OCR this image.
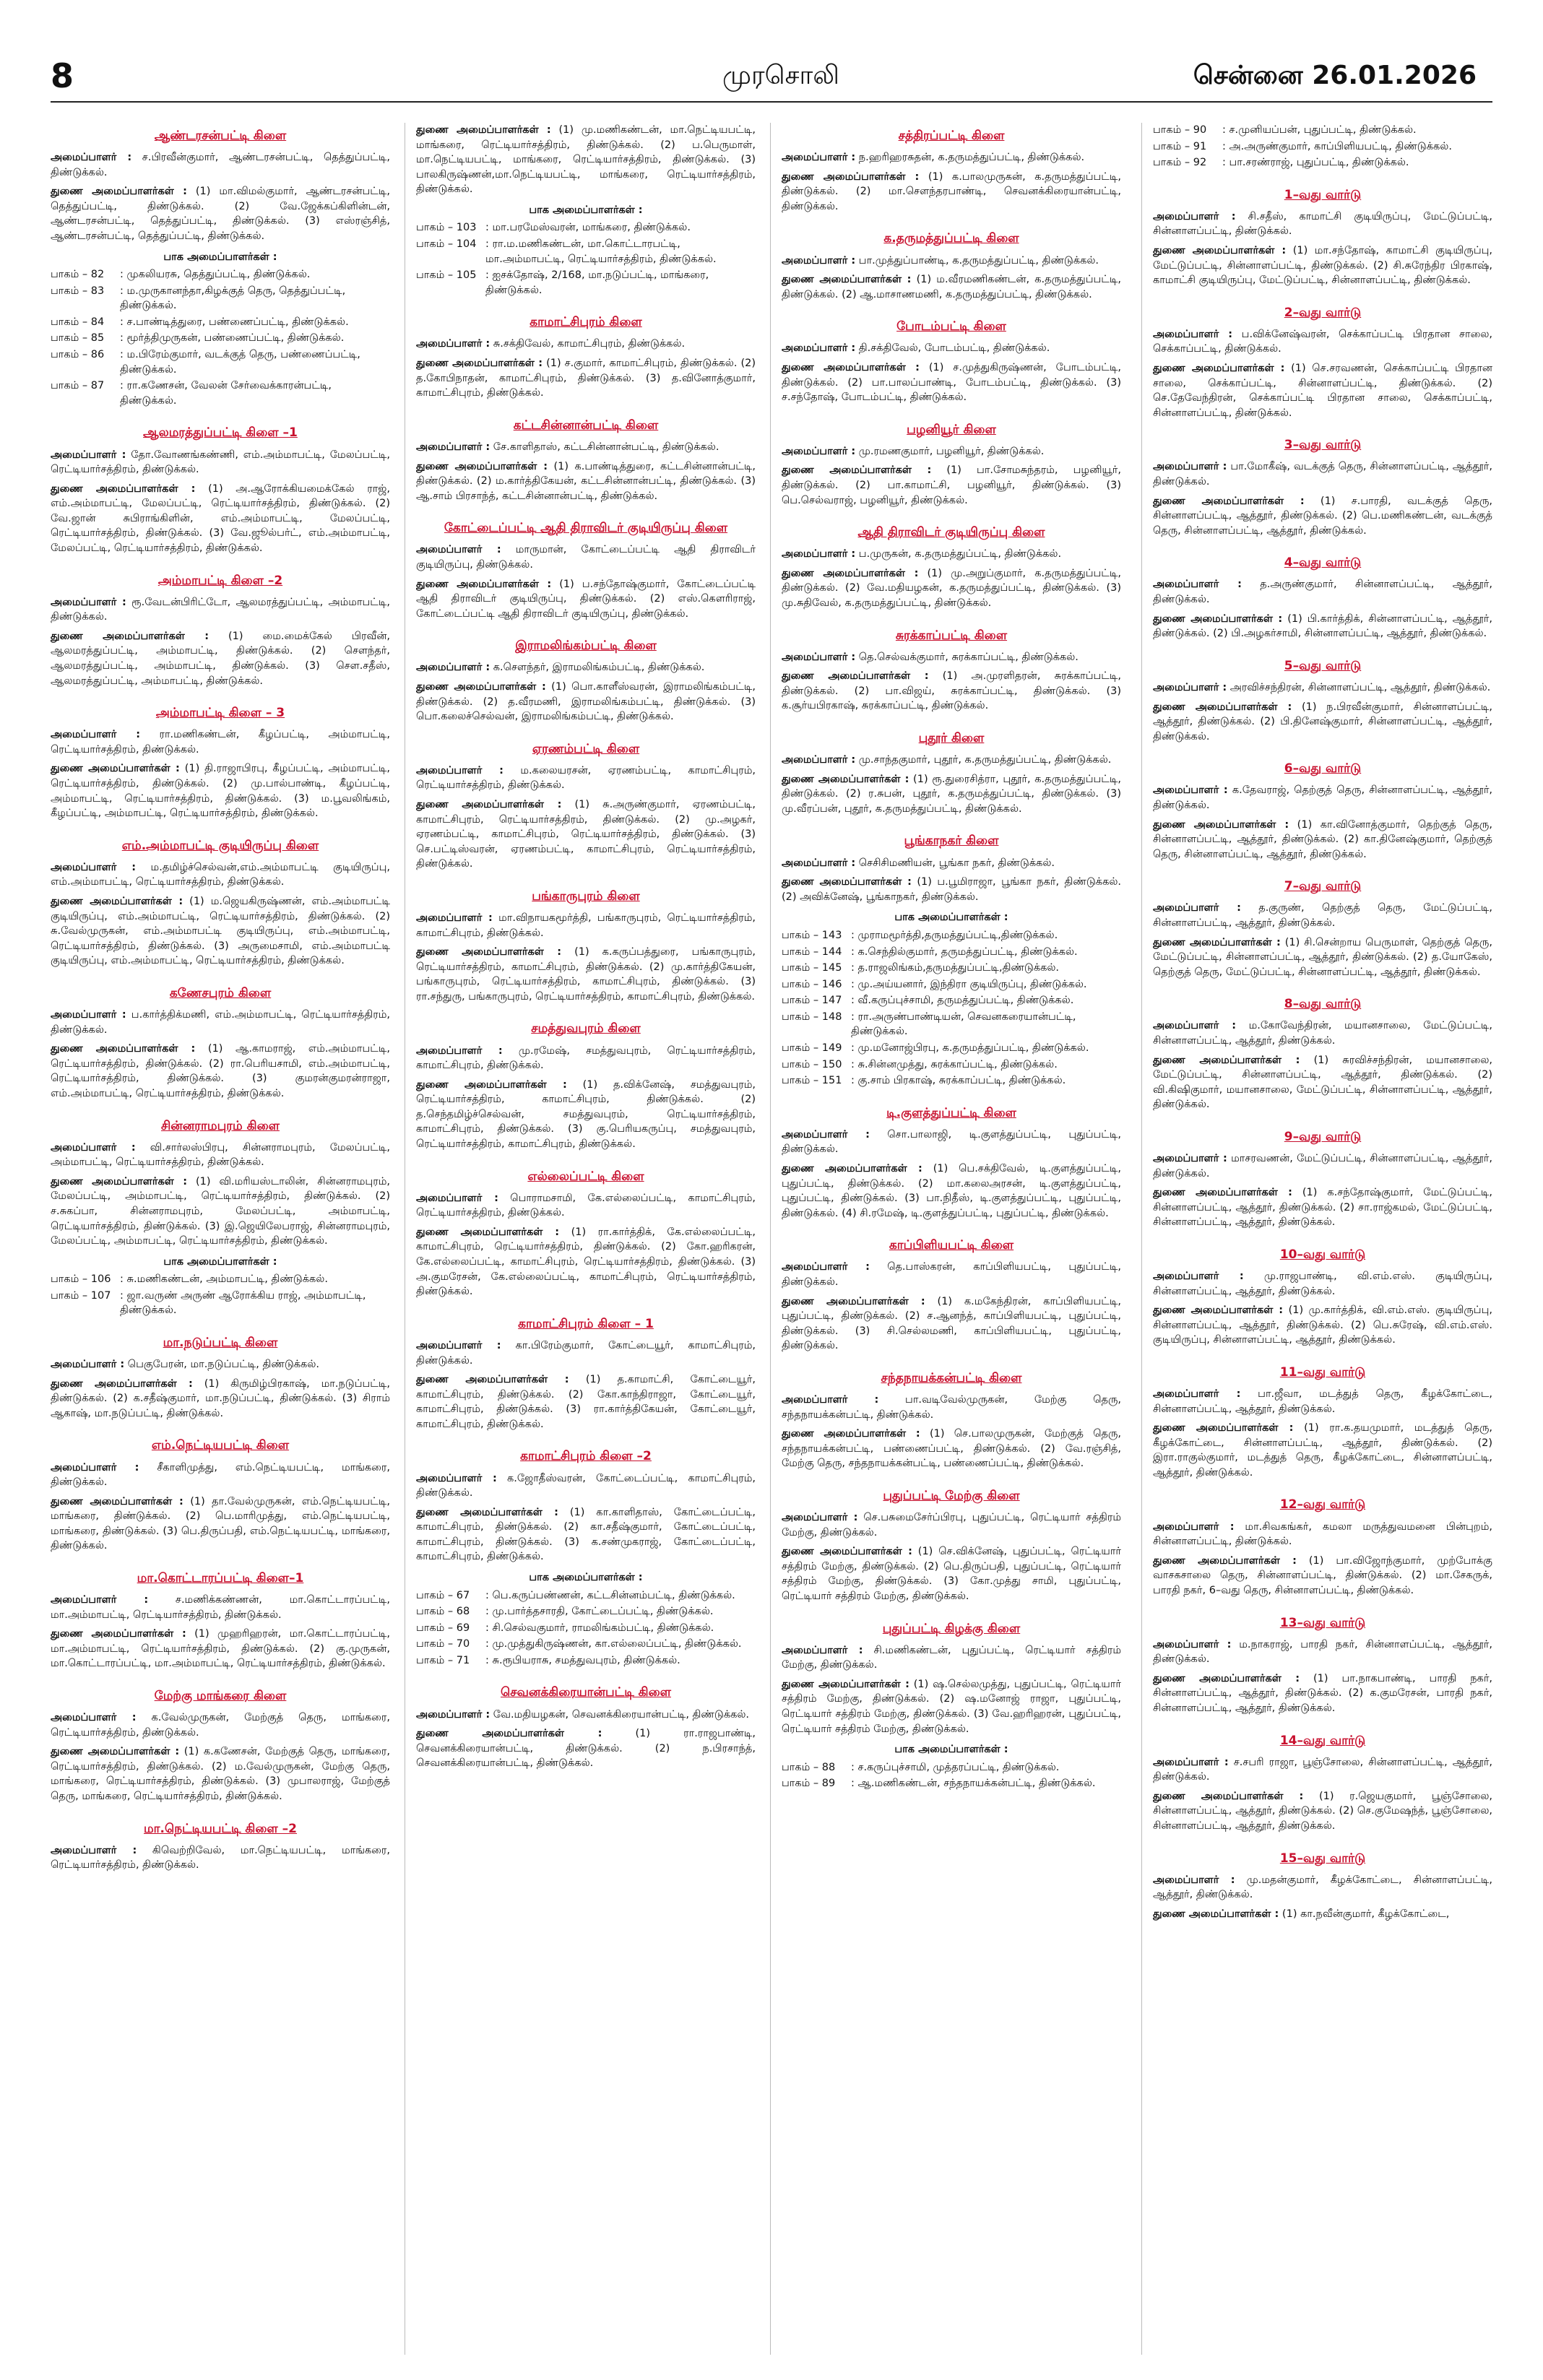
8	முரசொலி	சென்னை 26.01.2026
ஆண்டரசன்பட்டி கிளை

அமைப்பாளர் : ச.பிரவீன்குமார், ஆண்டரசன்பட்டி, தெத்துப்பட்டி, திண்டுக்கல்.

துணை அமைப்பாளர்கள் : (1) மா.விமல்குமார், ஆண்டரசன்பட்டி, தெத்துப்பட்டி, திண்டுக்கல். (2) வே.ஜேக்கப்கிளின்டன், ஆண்டரசன்பட்டி, தெத்துப்பட்டி, திண்டுக்கல். (3) எஸ்ரஞ்சித், ஆண்டரசன்பட்டி, தெத்துப்பட்டி, திண்டுக்கல்.

பாக அமைப்பாளர்கள் :
பாகம் – 82	: முகலியரசு, தெத்துப்பட்டி, திண்டுக்கல்.
பாகம் – 83	: ம.முருகானந்தா,கிழக்குத் தெரு, தெத்துப்பட்டி, திண்டுக்கல்.
பாகம் – 84	: ச.பாண்டித்துரை, பண்ணைப்பட்டி, திண்டுக்கல்.
பாகம் – 85	: மூர்த்திமுருகன், பண்ணைப்பட்டி, திண்டுக்கல்.
பாகம் – 86	: ம.பிரேம்குமார், வடக்குத் தெரு, பண்ணைப்பட்டி, திண்டுக்கல்.
பாகம் – 87	: ரா.கணேசன், வேலன் சேர்வைக்காரன்பட்டி, திண்டுக்கல்.
ஆலமரத்துப்பட்டி கிளை –1

அமைப்பாளர் : தோ.வோணங்கண்ணி, எம்.அம்மாபட்டி, மேலப்பட்டி, ரெட்டியார்சத்திரம், திண்டுக்கல்.

துணை அமைப்பாளர்கள் : (1) அ.ஆரோக்கியமைக்கேல் ராஜ், எம்.அம்மாபட்டி, மேலப்பட்டி, ரெட்டியார்சத்திரம், திண்டுக்கல். (2) வே.ஜான் சுபிராங்கிளின், எம்.அம்மாபட்டி, மேலப்பட்டி, ரெட்டியார்சத்திரம், திண்டுக்கல். (3) வே.ஜூல்பர்ட், எம்.அம்மாபட்டி, மேலப்பட்டி, ரெட்டியார்சத்திரம், திண்டுக்கல்.

அம்மாபட்டி கிளை –2

அமைப்பாளர் : ரூ.வேடன்பிரிட்டோ, ஆலமரத்துப்பட்டி, அம்மாபட்டி, திண்டுக்கல்.

துணை அமைப்பாளர்கள் : (1) மை.மைக்கேல் பிரவீன், ஆலமரத்துப்பட்டி, அம்மாபட்டி, திண்டுக்கல். (2) சௌந்தர், ஆலமரத்துப்பட்டி, அம்மாபட்டி, திண்டுக்கல். (3) சௌ.சதீஸ், ஆலமரத்துப்பட்டி, அம்மாபட்டி, திண்டுக்கல்.

அம்மாபட்டி கிளை – 3

அமைப்பாளர் : ரா.மணிகண்டன், கீழப்பட்டி, அம்மாபட்டி, ரெட்டியார்சத்திரம், திண்டுக்கல்.

துணை அமைப்பாளர்கள் : (1) தி.ராஜாபிரபு, கீழப்பட்டி, அம்மாபட்டி, ரெட்டியார்சத்திரம், திண்டுக்கல். (2) மு.பால்பாண்டி, கீழப்பட்டி, அம்மாபட்டி, ரெட்டியார்சத்திரம், திண்டுக்கல். (3) ம.பூவலிங்கம், கீழப்பட்டி, அம்மாபட்டி, ரெட்டியார்சத்திரம், திண்டுக்கல்.

எம்.அம்மாபட்டி குடியிருப்பு கிளை

அமைப்பாளர் : ம.தமிழ்ச்செல்வன்,எம்.அம்மாபட்டி குடியிருப்பு, எம்.அம்மாபட்டி, ரெட்டியார்சத்திரம், திண்டுக்கல்.

துணை அமைப்பாளர்கள் : (1) ம.ஜெயகிருஷ்ணன், எம்.அம்மாபட்டி குடியிருப்பு, எம்.அம்மாபட்டி, ரெட்டியார்சத்திரம், திண்டுக்கல். (2) சு.வேல்முருகன், எம்.அம்மாபட்டி குடியிருப்பு, எம்.அம்மாபட்டி, ரெட்டியார்சத்திரம், திண்டுக்கல். (3) அருமைசாமி, எம்.அம்மாபட்டி குடியிருப்பு, எம்.அம்மாபட்டி, ரெட்டியார்சத்திரம், திண்டுக்கல்.

கணேசபுரம் கிளை

அமைப்பாளர் : ப.கார்த்திக்மணி, எம்.அம்மாபட்டி, ரெட்டியார்சத்திரம், திண்டுக்கல்.

துணை அமைப்பாளர்கள் : (1) ஆ.காமராஜ், எம்.அம்மாபட்டி, ரெட்டியார்சத்திரம், திண்டுக்கல். (2) ரா.பெரியசாமி, எம்.அம்மாபட்டி, ரெட்டியார்சத்திரம், திண்டுக்கல். (3) குமரன்குமரன்ராஜா, எம்.அம்மாபட்டி, ரெட்டியார்சத்திரம், திண்டுக்கல்.

சின்னராமபுரம் கிளை

அமைப்பாளர் : வி.சார்லஸ்பிரபு, சின்னராமபுரம், மேலப்பட்டி, அம்மாபட்டி, ரெட்டியார்சத்திரம், திண்டுக்கல்.

துணை அமைப்பாளர்கள் : (1) வி.மரியஸ்டாலின், சின்னராமபுரம், மேலப்பட்டி, அம்மாபட்டி, ரெட்டியார்சத்திரம், திண்டுக்கல். (2) ச.சுகப்பா, சின்னராமபுரம், மேலப்பட்டி, அம்மாபட்டி, ரெட்டியார்சத்திரம், திண்டுக்கல். (3) இ.ஜெயிலேபராஜ், சின்னராமபுரம், மேலப்பட்டி, அம்மாபட்டி, ரெட்டியார்சத்திரம், திண்டுக்கல்.

பாக அமைப்பாளர்கள் :
பாகம் – 106 : சு.மணிகண்டன், அம்மாபட்டி, திண்டுக்கல்.
பாகம் – 107 : ஜா.வருண் அருண் ஆரோக்கிய ராஜ், அம்மாபட்டி, திண்டுக்கல்.
மா.நடுப்பட்டி கிளை

அமைப்பாளர் : பெகுபேரன், மா.நடுப்பட்டி, திண்டுக்கல்.

துணை அமைப்பாளர்கள் : (1) கிருமிழ்பிரகாஷ், மா.நடுப்பட்டி, திண்டுக்கல். (2) க.சதீஷ்குமார், மா.நடுப்பட்டி, திண்டுக்கல். (3) சிராம் ஆகாஷ், மா.நடுப்பட்டி, திண்டுக்கல்.

எம்.நெட்டியபட்டி கிளை

அமைப்பாளர் : சீகாளிமுத்து, எம்.நெட்டியபட்டி, மாங்கரை, திண்டுக்கல்.

துணை அமைப்பாளர்கள் : (1) தா.வேல்முருகன், எம்.நெட்டியபட்டி, மாங்கரை, திண்டுக்கல். (2) பெ.மாரிமுத்து, எம்.நெட்டியபட்டி, மாங்கரை, திண்டுக்கல். (3) பெ.திருப்பதி, எம்.நெட்டியபட்டி, மாங்கரை, திண்டுக்கல்.

மா.கொட்டாரப்பட்டி கிளை–1

அமைப்பாளர் : ச.மணிக்கண்ணன், மா.கொட்டாரப்பட்டி, மா.அம்மாபட்டி, ரெட்டியார்சத்திரம், திண்டுக்கல்.

துணை அமைப்பாளர்கள் : (1) முஹரிஹரன், மா.கொட்டாரப்பட்டி, மா.அம்மாபட்டி, ரெட்டியார்சத்திரம், திண்டுக்கல். (2) கு.முருகன், மா.கொட்டாரப்பட்டி, மா.அம்மாபட்டி, ரெட்டியார்சத்திரம், திண்டுக்கல்.

மேற்கு மாங்கரை கிளை

அமைப்பாளர் : க.வேல்முருகன், மேற்குத் தெரு, மாங்கரை, ரெட்டியார்சத்திரம், திண்டுக்கல்.

துணை அமைப்பாளர்கள் : (1) க.கணேசன், மேற்குத் தெரு, மாங்கரை, ரெட்டியார்சத்திரம், திண்டுக்கல். (2) ம.வேல்முருகன், மேற்கு தெரு, மாங்கரை, ரெட்டியார்சத்திரம், திண்டுக்கல். (3) முபாலராஜ், மேற்குத் தெரு, மாங்கரை, ரெட்டியார்சத்திரம், திண்டுக்கல்.

மா.நெட்டியபட்டி கிளை –2

அமைப்பாளர் : கிவெற்றிவேல், மா.நெட்டியபட்டி, மாங்கரை, ரெட்டியார்சத்திரம், திண்டுக்கல்.

துணை அமைப்பாளர்கள் : (1) மு.மணிகண்டன், மா.நெட்டியபட்டி, மாங்கரை, ரெட்டியார்சத்திரம், திண்டுக்கல். (2) ப.பெருமாள், மா.நெட்டியபட்டி, மாங்கரை, ரெட்டியார்சத்திரம், திண்டுக்கல். (3) பாலகிருஷ்ணன்,மா.நெட்டியபட்டி, மாங்கரை, ரெட்டியார்சத்திரம், திண்டுக்கல்.

பாக அமைப்பாளர்கள் :
பாகம் – 103 : மா.பரமேஸ்வரன், மாங்கரை, திண்டுக்கல்.
பாகம் – 104 : ரா.ம.மணிகண்டன், மா.கொட்டாரபட்டி, மா.அம்மாபட்டி, ரெட்டியார்சத்திரம், திண்டுக்கல்.
பாகம் – 105 : ஐசக்தோஷ், 2/168, மா.நடுப்பட்டி, மாங்கரை, திண்டுக்கல்.
காமாட்சிபுரம் கிளை

அமைப்பாளர் : சு.சக்திவேல், காமாட்சிபுரம், திண்டுக்கல்.

துணை அமைப்பாளர்கள் : (1) ச.குமார், காமாட்சிபுரம், திண்டுக்கல். (2) த.கோபிநாதன், காமாட்சிபுரம், திண்டுக்கல். (3) த.வினோத்குமார், காமாட்சிபுரம், திண்டுக்கல்.

கட்டசின்னான்பட்டி கிளை

அமைப்பாளர் : சே.காளிதாஸ், கட்டசின்னான்பட்டி, திண்டுக்கல்.

துணை அமைப்பாளர்கள் : (1) க.பாண்டித்துரை, கட்டசின்னான்பட்டி, திண்டுக்கல். (2) ம.கார்த்திகேயன், கட்டசின்னான்பட்டி, திண்டுக்கல். (3) ஆ.சாம் பிரசாந்த், கட்டசின்னான்பட்டி, திண்டுக்கல்.

கோட்டைப்பட்டி ஆதி திராவிடர் குடியிருப்பு கிளை

அமைப்பாளர் : மாருமான், கோட்டைப்பட்டி ஆதி திராவிடர் குடியிருப்பு, திண்டுக்கல்.

துணை அமைப்பாளர்கள் : (1) ப.சந்தோஷ்குமார், கோட்டைப்பட்டி ஆதி திராவிடர் குடியிருப்பு, திண்டுக்கல். (2) எஸ்.கௌரிராஜ், கோட்டைப்பட்டி ஆதி திராவிடர் குடியிருப்பு, திண்டுக்கல்.

இராமலிங்கம்பட்டி கிளை

அமைப்பாளர் : க.செளந்தர், இராமலிங்கம்பட்டி, திண்டுக்கல்.

துணை அமைப்பாளர்கள் : (1) பொ.காளீஸ்வரன், இராமலிங்கம்பட்டி, திண்டுக்கல். (2) த.வீரமணி, இராமலிங்கம்பட்டி, திண்டுக்கல். (3) பொ.கலைச்செல்வன், இராமலிங்கம்பட்டி, திண்டுக்கல்.

ஏரணம்பட்டி கிளை

அமைப்பாளர் : ம.கலையரசன், ஏரணம்பட்டி, காமாட்சிபுரம், ரெட்டியார்சத்திரம், திண்டுக்கல்.

துணை அமைப்பாளர்கள் : (1) சு.அருண்குமார், ஏரணம்பட்டி, காமாட்சிபுரம், ரெட்டியார்சத்திரம், திண்டுக்கல். (2) மு.அழகர், ஏரணம்பட்டி, காமாட்சிபுரம், ரெட்டியார்சத்திரம், திண்டுக்கல். (3) செ.பட்டிஸ்வரன், ஏரணம்பட்டி, காமாட்சிபுரம், ரெட்டியார்சத்திரம், திண்டுக்கல்.

பங்காருபுரம் கிளை

அமைப்பாளர் : மா.விநாயகமூர்த்தி, பங்காருபுரம், ரெட்டியார்சத்திரம், காமாட்சிபுரம், திண்டுக்கல்.

துணை அமைப்பாளர்கள் : (1) க.கருப்பத்துரை, பங்காருபுரம், ரெட்டியார்சத்திரம், காமாட்சிபுரம், திண்டுக்கல். (2) மு.கார்த்திகேயன், பங்காருபுரம், ரெட்டியார்சத்திரம், காமாட்சிபுரம், திண்டுக்கல். (3) ரா.சந்துரு, பங்காருபுரம், ரெட்டியார்சத்திரம், காமாட்சிபுரம், திண்டுக்கல்.

சமத்துவபுரம் கிளை

அமைப்பாளர் : மு.ரமேஷ், சமத்துவபுரம், ரெட்டியார்சத்திரம், காமாட்சிபுரம், திண்டுக்கல்.

துணை அமைப்பாளர்கள் : (1) த.விக்னேஷ், சமத்துவபுரம், ரெட்டியார்சத்திரம், காமாட்சிபுரம், திண்டுக்கல். (2) த.செந்தமிழ்ச்செல்வன், சமத்துவபுரம், ரெட்டியார்சத்திரம், காமாட்சிபுரம், திண்டுக்கல். (3) கு.பெரியகருப்பு, சமத்துவபுரம், ரெட்டியார்சத்திரம், காமாட்சிபுரம், திண்டுக்கல்.

எல்லைப்பட்டி கிளை

அமைப்பாளர் : பொராமசாமி, கே.எல்லைப்பட்டி, காமாட்சிபுரம், ரெட்டியார்சத்திரம், திண்டுக்கல்.

துணை அமைப்பாளர்கள் : (1) ரா.கார்த்திக், கே.எல்லைப்பட்டி, காமாட்சிபுரம், ரெட்டியார்சத்திரம், திண்டுக்கல். (2) கோ.ஹரிகரன், கே.எல்லைப்பட்டி, காமாட்சிபுரம், ரெட்டியார்சத்திரம், திண்டுக்கல். (3) அ.குமரேசன், கே.எல்லைப்பட்டி, காமாட்சிபுரம், ரெட்டியார்சத்திரம், திண்டுக்கல்.

காமாட்சிபுரம் கிளை – 1

அமைப்பாளர் : கா.பிரேம்குமார், கோட்டையூர், காமாட்சிபுரம், திண்டுக்கல்.

துணை அமைப்பாளர்கள் : (1) த.காமாட்சி, கோட்டையூர், காமாட்சிபுரம், திண்டுக்கல். (2) கோ.காந்திராஜா, கோட்டையூர், காமாட்சிபுரம், திண்டுக்கல். (3) ரா.கார்த்திகேயன், கோட்டையூர், காமாட்சிபுரம், திண்டுக்கல்.

காமாட்சிபுரம் கிளை –2

அமைப்பாளர் : க.ஜோதீஸ்வரன், கோட்டைப்பட்டி, காமாட்சிபுரம், திண்டுக்கல்.

துணை அமைப்பாளர்கள் : (1) கா.காளிதாஸ், கோட்டைப்பட்டி, காமாட்சிபுரம், திண்டுக்கல். (2) கா.சதீஷ்குமார், கோட்டைப்பட்டி, காமாட்சிபுரம், திண்டுக்கல். (3) க.சண்முகராஜ், கோட்டைப்பட்டி, காமாட்சிபுரம், திண்டுக்கல்.

பாக அமைப்பாளர்கள் :
பாகம் – 67	: பெ.கருப்பண்ணன், கட்டசின்னம்பட்டி, திண்டுக்கல்.
பாகம் – 68	: மு.பார்த்தசாரதி, கோட்டைப்பட்டி, திண்டுக்கல்.
பாகம் – 69	: சி.செல்வகுமார், ராமலிங்கம்பட்டி, திண்டுக்கல்.
பாகம் – 70	: மு.முத்துகிருஷ்ணன், கா.எல்லைப்பட்டி, திண்டுக்கல்.
பாகம் – 71	: சு.ரூபியராசு, சமத்துவபுரம், திண்டுக்கல்.
செவனக்கிரையான்பட்டி கிளை

அமைப்பாளர் : வே.மதியழகன், செவனக்கிரையான்பட்டி, திண்டுக்கல்.

துணை அமைப்பாளர்கள் : (1) ரா.ராஜபாண்டி, செவனக்கிரையான்பட்டி, திண்டுக்கல். (2) ந.பிரசாந்த், செவனக்கிரையான்பட்டி, திண்டுக்கல்.

சத்திரப்பட்டி கிளை

அமைப்பாளர் : ந.ஹரிஹரசுதன், க.தருமத்துப்பட்டி, திண்டுக்கல்.

துணை அமைப்பாளர்கள் : (1) க.பாலமுருகன், க.தருமத்துப்பட்டி, திண்டுக்கல். (2) மா.சௌந்தரபாண்டி, செவனக்கிரையான்பட்டி, திண்டுக்கல்.

க.தருமத்துப்பட்டி கிளை

அமைப்பாளர் : பா.முத்துப்பாண்டி, க.தருமத்துப்பட்டி, திண்டுக்கல்.

துணை அமைப்பாளர்கள் : (1) ம.வீரமணிகண்டன், க.தருமத்துப்பட்டி, திண்டுக்கல். (2) ஆ.மாசாணமணி, க.தருமத்துப்பட்டி, திண்டுக்கல்.

போடம்பட்டி கிளை

அமைப்பாளர் : தி.சக்திவேல், போடம்பட்டி, திண்டுக்கல்.

துணை அமைப்பாளர்கள் : (1) ச.முத்துகிருஷ்ணன், போடம்பட்டி, திண்டுக்கல். (2) பா.பாலப்பாண்டி, போடம்பட்டி, திண்டுக்கல். (3) ச.சந்தோஷ், போடம்பட்டி, திண்டுக்கல்.

பழனியூர் கிளை

அமைப்பாளர் : மு.ரமணகுமார், பழனியூர், திண்டுக்கல்.

துணை அமைப்பாளர்கள் : (1) பா.சோமசுந்தரம், பழனியூர், திண்டுக்கல். (2) பா.காமாட்சி, பழனியூர், திண்டுக்கல். (3) பெ.செல்வராஜ், பழனியூர், திண்டுக்கல்.

ஆதி திராவிடர் குடியிருப்பு கிளை

அமைப்பாளர் : ப.முருகன், க.தருமத்துப்பட்டி, திண்டுக்கல்.

துணை அமைப்பாளர்கள் : (1) மு.அறுப்குமார், க.தருமத்துப்பட்டி, திண்டுக்கல். (2) வே.மதியழகன், க.தருமத்துப்பட்டி, திண்டுக்கல். (3) மு.சுதிவேல், க.தருமத்துப்பட்டி, திண்டுக்கல்.

சுரக்காப்பட்டி கிளை

அமைப்பாளர் : தெ.செல்வக்குமார், சுரக்காப்பட்டி, திண்டுக்கல்.

துணை அமைப்பாளர்கள் : (1) அ.முரளிதரன், சுரக்காப்பட்டி, திண்டுக்கல். (2) பா.விஜய், சுரக்காப்பட்டி, திண்டுக்கல். (3) க.சூர்யபிரகாஷ், சுரக்காப்பட்டி, திண்டுக்கல்.

புதூர் கிளை

அமைப்பாளர் : மு.சாந்தகுமார், புதூர், க.தருமத்துப்பட்டி, திண்டுக்கல்.

துணை அமைப்பாளர்கள் : (1) ரூ.துரைசித்ரா, புதூர், க.தருமத்துப்பட்டி, திண்டுக்கல். (2) ர.சுபன், புதூர், க.தருமத்துப்பட்டி, திண்டுக்கல். (3) மு.வீரப்பன், புதூர், க.தருமத்துப்பட்டி, திண்டுக்கல்.

பூங்காநகர் கிளை

அமைப்பாளர் : செசிசிமணியன், பூங்கா நகர், திண்டுக்கல்.

துணை அமைப்பாளர்கள் : (1) ப.பூமிராஜா, பூங்கா நகர், திண்டுக்கல். (2) அவிக்னேஷ், பூங்காநகர், திண்டுக்கல்.

பாக அமைப்பாளர்கள் :
பாகம் – 143 : முராமமூர்த்தி,தருமத்துப்பட்டி,திண்டுக்கல்.
பாகம் – 144 : க.செந்தில்குமார், தருமத்துப்பட்டி, திண்டுக்கல்.
பாகம் – 145 : த.ராஜலிங்கம்,தருமத்துப்பட்டி,திண்டுக்கல்.
பாகம் – 146 : மு.அய்யனார், இந்திரா குடியிருப்பு, திண்டுக்கல்.
பாகம் – 147 : வீ.கருப்புச்சாமி, தருமத்துப்பட்டி, திண்டுக்கல்.
பாகம் – 148 : ரா.அருண்பாண்டியன், செவனகரையான்பட்டி, திண்டுக்கல்.
பாகம் – 149 : மு.மனோஜ்பிரபு, க.தருமத்துப்பட்டி, திண்டுக்கல்.
பாகம் – 150 : சு.சின்னமுத்து, சுரக்காப்பட்டி, திண்டுக்கல்.
பாகம் – 151 : கு.சாம் பிரகாஷ், சுரக்காப்பட்டி, திண்டுக்கல்.
டி.குளத்துப்பட்டி கிளை

அமைப்பாளர் : சொ.பாலாஜி, டி.குளத்துப்பட்டி, புதுப்பட்டி, திண்டுக்கல்.

துணை அமைப்பாளர்கள் : (1) பெ.சக்திவேல், டி.குளத்துப்பட்டி, புதுப்பட்டி, திண்டுக்கல். (2) மா.கலைஅரசன், டி.குளத்துப்பட்டி, புதுப்பட்டி, திண்டுக்கல். (3) பா.நிதீஸ், டி.குளத்துப்பட்டி, புதுப்பட்டி, திண்டுக்கல். (4) சி.ரமேஷ், டி.குளத்துப்பட்டி, புதுப்பட்டி, திண்டுக்கல்.

காப்பிளியபட்டி கிளை

அமைப்பாளர் : தெ.பாஸ்கரன், காப்பிளியபட்டி, புதுப்பட்டி, திண்டுக்கல்.

துணை அமைப்பாளர்கள் : (1) க.மகேந்திரன், காப்பிளியபட்டி, புதுப்பட்டி, திண்டுக்கல். (2) ச.ஆனந்த், காப்பிளியபட்டி, புதுப்பட்டி, திண்டுக்கல். (3) சி.செல்லமணி, காப்பிளியபட்டி, புதுப்பட்டி, திண்டுக்கல்.

சந்தநாயக்கன்பட்டி கிளை

அமைப்பாளர் : பா.வடிவேல்முருகன், மேற்கு தெரு, சந்தநாயக்கன்பட்டி, திண்டுக்கல்.

துணை அமைப்பாளர்கள் : (1) செ.பாலமுருகன், மேற்குத் தெரு, சந்தநாயக்கன்பட்டி, பண்ணைப்பட்டி, திண்டுக்கல். (2) வே.ரஞ்சித், மேற்கு தெரு, சந்தநாயக்கன்பட்டி, பண்ணைப்பட்டி, திண்டுக்கல்.

புதுப்பட்டி மேற்கு கிளை

அமைப்பாளர் : செ.பசுமைசேர்ப்பிரபு, புதுப்பட்டி, ரெட்டியார் சத்திரம் மேற்கு, திண்டுக்கல்.

துணை அமைப்பாளர்கள் : (1) செ.விக்னேஷ், புதுப்பட்டி, ரெட்டியார் சத்திரம் மேற்கு, திண்டுக்கல். (2) பெ.திருப்பதி, புதுப்பட்டி, ரெட்டியார் சத்திரம் மேற்கு, திண்டுக்கல். (3) கோ.முத்து சாமி, புதுப்பட்டி, ரெட்டியார் சத்திரம் மேற்கு, திண்டுக்கல்.

புதுப்பட்டி கிழக்கு கிளை

அமைப்பாளர் : சி.மணிகண்டன், புதுப்பட்டி, ரெட்டியார் சத்திரம் மேற்கு, திண்டுக்கல்.

துணை அமைப்பாளர்கள் : (1) ஷ.செல்லமுத்து, புதுப்பட்டி, ரெட்டியார் சத்திரம் மேற்கு, திண்டுக்கல். (2) ஷ.மனோஜ் ராஜா, புதுப்பட்டி, ரெட்டியார் சத்திரம் மேற்கு, திண்டுக்கல். (3) வே.ஹரிஹரன், புதுப்பட்டி, ரெட்டியார் சத்திரம் மேற்கு, திண்டுக்கல்.

பாக அமைப்பாளர்கள் :
பாகம் – 88	: ச.கருப்புச்சாமி, முத்தரப்பட்டி, திண்டுக்கல்.
பாகம் – 89	: ஆ.மணிகண்டன், சந்தநாயக்கன்பட்டி, திண்டுக்கல்.
பாகம் – 90	: ச.முனியப்பன், புதுப்பட்டி, திண்டுக்கல்.
பாகம் – 91	: அ.அருண்குமார், காப்பிளியபட்டி, திண்டுக்கல்.
பாகம் – 92	: பா.சரண்ராஜ், புதுப்பட்டி, திண்டுக்கல்.
1–வது வார்டு

அமைப்பாளர் : சி.சதீஸ், காமாட்சி குடியிருப்பு, மேட்டுப்பட்டி, சின்னாளப்பட்டி, திண்டுக்கல்.

துணை அமைப்பாளர்கள் : (1) மா.சந்தோஷ், காமாட்சி குடியிருப்பு, மேட்டுப்பட்டி, சின்னாளப்பட்டி, திண்டுக்கல். (2) சி.சுரேந்திர பிரகாஷ், காமாட்சி குடியிருப்பு, மேட்டுப்பட்டி, சின்னாளப்பட்டி, திண்டுக்கல்.

2–வது வார்டு

அமைப்பாளர் : ப.விக்னேஷ்வரன், செக்காப்பட்டி பிரதான சாலை, செக்காப்பட்டி, திண்டுக்கல்.

துணை அமைப்பாளர்கள் : (1) செ.சரவணன், செக்காப்பட்டி பிரதான சாலை, செக்காப்பட்டி, சின்னாளப்பட்டி, திண்டுக்கல். (2) செ.தேவேந்திரன், செக்காப்பட்டி பிரதான சாலை, செக்காப்பட்டி, சின்னாளப்பட்டி, திண்டுக்கல்.

3–வது வார்டு

அமைப்பாளர் : பா.மோகீஷ், வடக்குத் தெரு, சின்னாளப்பட்டி, ஆத்தூர், திண்டுக்கல்.

துணை அமைப்பாளர்கள் : (1) ச.பாரதி, வடக்குத் தெரு, சின்னாளப்பட்டி, ஆத்தூர், திண்டுக்கல். (2) பெ.மணிகண்டன், வடக்குத் தெரு, சின்னாளப்பட்டி, ஆத்தூர், திண்டுக்கல்.

4–வது வார்டு

அமைப்பாளர் : த.அருண்குமார், சின்னாளப்பட்டி, ஆத்தூர், திண்டுக்கல்.

துணை அமைப்பாளர்கள் : (1) பி.கார்த்திக், சின்னாளப்பட்டி, ஆத்தூர், திண்டுக்கல். (2) பி.அழகர்சாமி, சின்னாளப்பட்டி, ஆத்தூர், திண்டுக்கல்.

5–வது வார்டு

அமைப்பாளர் : அரவிச்சந்திரன், சின்னாளப்பட்டி, ஆத்தூர், திண்டுக்கல்.

துணை அமைப்பாளர்கள் : (1) ந.பிரவீன்குமார், சின்னாளப்பட்டி, ஆத்தூர், திண்டுக்கல். (2) பி.தினேஷ்குமார், சின்னாளப்பட்டி, ஆத்தூர், திண்டுக்கல்.

6–வது வார்டு

அமைப்பாளர் : க.தேவராஜ், தெற்குத் தெரு, சின்னாளப்பட்டி, ஆத்தூர், திண்டுக்கல்.

துணை அமைப்பாளர்கள் : (1) கா.வினோத்குமார், தெற்குத் தெரு, சின்னாளப்பட்டி, ஆத்தூர், திண்டுக்கல். (2) கா.தினேஷ்குமார், தெற்குத் தெரு, சின்னாளப்பட்டி, ஆத்தூர், திண்டுக்கல்.

7–வது வார்டு

அமைப்பாளர் : த.குருண், தெற்குத் தெரு, மேட்டுப்பட்டி, சின்னாளப்பட்டி, ஆத்தூர், திண்டுக்கல்.

துணை அமைப்பாளர்கள் : (1) சி.சென்றாய பெருமாள், தெற்குத் தெரு, மேட்டுப்பட்டி, சின்னாளப்பட்டி, ஆத்தூர், திண்டுக்கல். (2) த.யோகேஸ், தெற்குத் தெரு, மேட்டுப்பட்டி, சின்னாளப்பட்டி, ஆத்தூர், திண்டுக்கல்.

8–வது வார்டு

அமைப்பாளர் : ம.கோவேந்திரன், மயானசாலை, மேட்டுப்பட்டி, சின்னாளப்பட்டி, ஆத்தூர், திண்டுக்கல்.

துணை அமைப்பாளர்கள் : (1) சுரவிச்சந்திரன், மயானசாலை, மேட்டுப்பட்டி, சின்னாளப்பட்டி, ஆத்தூர், திண்டுக்கல். (2) வி.கிஷிகுமார், மயானசாலை, மேட்டுப்பட்டி, சின்னாளப்பட்டி, ஆத்தூர், திண்டுக்கல்.

9–வது வார்டு

அமைப்பாளர் : மாசரவணன், மேட்டுப்பட்டி, சின்னாளப்பட்டி, ஆத்தூர், திண்டுக்கல்.

துணை அமைப்பாளர்கள் : (1) க.சந்தோஷ்குமார், மேட்டுப்பட்டி, சின்னாளப்பட்டி, ஆத்தூர், திண்டுக்கல். (2) சா.ராஜ்கமல், மேட்டுப்பட்டி, சின்னாளப்பட்டி, ஆத்தூர், திண்டுக்கல்.

10–வது வார்டு

அமைப்பாளர் : மு.ராஜபாண்டி, வி.எம்.எஸ். குடியிருப்பு, சின்னாளப்பட்டி, ஆத்தூர், திண்டுக்கல்.

துணை அமைப்பாளர்கள் : (1) மு.கார்த்திக், வி.எம்.எஸ். குடியிருப்பு, சின்னாளப்பட்டி, ஆத்தூர், திண்டுக்கல். (2) பெ.சுரேஷ், வி.எம்.எஸ். குடியிருப்பு, சின்னாளப்பட்டி, ஆத்தூர், திண்டுக்கல்.

11–வது வார்டு

அமைப்பாளர் : பா.ஜீவா, மடத்துத் தெரு, கீழக்கோட்டை, சின்னாளப்பட்டி, ஆத்தூர், திண்டுக்கல்.

துணை அமைப்பாளர்கள் : (1) ரா.க.தயமுமார், மடத்துத் தெரு, கீழக்கோட்டை, சின்னாளப்பட்டி, ஆத்தூர், திண்டுக்கல். (2) இரா.ராகுல்குமார், மடத்துத் தெரு, கீழக்கோட்டை, சின்னாளப்பட்டி, ஆத்தூர், திண்டுக்கல்.

12–வது வார்டு

அமைப்பாளர் : மா.சிவகங்கர், கமலா மருத்துவமனை பின்புறம், சின்னாளப்பட்டி, திண்டுக்கல்.

துணை அமைப்பாளர்கள் : (1) பா.விஜோந்குமார், முற்போக்கு வாசகசாலை தெரு, சின்னாளப்பட்டி, திண்டுக்கல். (2) மா.சேகருக், பாரதி நகர், 6–வது தெரு, சின்னாளப்பட்டி, திண்டுக்கல்.

13–வது வார்டு

அமைப்பாளர் : ம.நாகராஜ், பாரதி நகர், சின்னாளப்பட்டி, ஆத்தூர், திண்டுக்கல்.

துணை அமைப்பாளர்கள் : (1) பா.நாகபாண்டி, பாரதி நகர், சின்னாளப்பட்டி, ஆத்தூர், திண்டுக்கல். (2) க.குமரேசன், பாரதி நகர், சின்னாளப்பட்டி, ஆத்தூர், திண்டுக்கல்.

14–வது வார்டு

அமைப்பாளர் : ச.சபரி ராஜா, பூஞ்சோலை, சின்னாளப்பட்டி, ஆத்தூர், திண்டுக்கல்.

துணை அமைப்பாளர்கள் : (1) ர.ஜெயகுமார், பூஞ்சோலை, சின்னாளப்பட்டி, ஆத்தூர், திண்டுக்கல். (2) செ.குமேஷந்த், பூஞ்சோலை, சின்னாளப்பட்டி, ஆத்தூர், திண்டுக்கல்.

15–வது வார்டு

அமைப்பாளர் : மு.மதன்குமார், கீழக்கோட்டை, சின்னாளப்பட்டி, ஆத்தூர், திண்டுக்கல்.

துணை அமைப்பாளர்கள் : (1) கா.நவீன்குமார், கீழக்கோட்டை,
